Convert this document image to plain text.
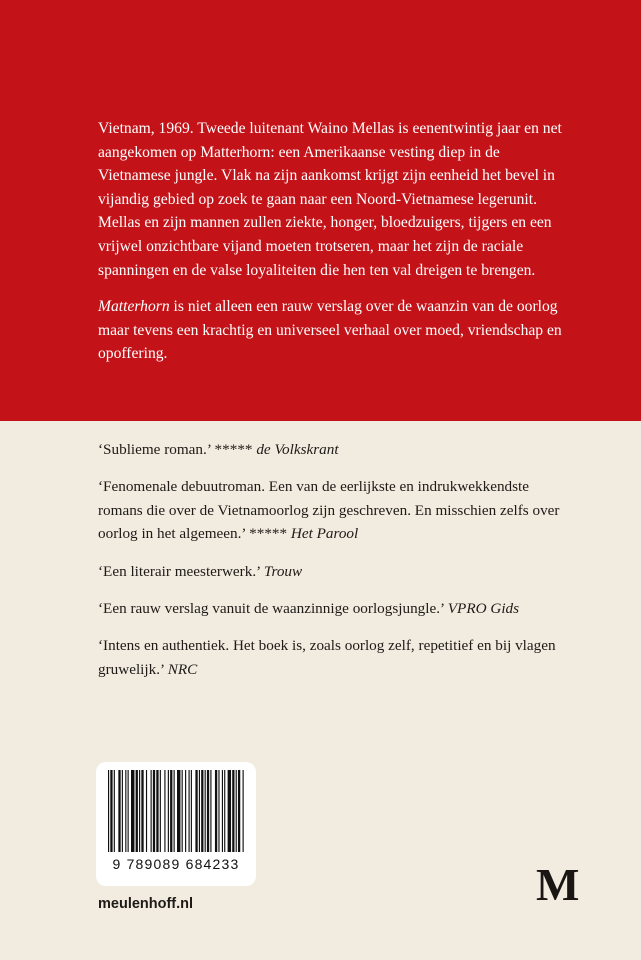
Vietnam, 1969. Tweede luitenant Waino Mellas is eenentwintig jaar en net aangekomen op Matterhorn: een Amerikaanse vesting diep in de Vietnamese jungle. Vlak na zijn aankomst krijgt zijn eenheid het bevel in vijandig gebied op zoek te gaan naar een Noord-Vietnamese legerunit. Mellas en zijn mannen zullen ziekte, honger, bloedzuigers, tijgers en een vrijwel onzichtbare vijand moeten trotseren, maar het zijn de raciale spanningen en de valse loyaliteiten die hen ten val dreigen te brengen.

Matterhorn is niet alleen een rauw verslag over de waanzin van de oorlog maar tevens een krachtig en universeel verhaal over moed, vriendschap en opoffering.

‘Sublieme roman.’ ***** de Volkskrant

‘Fenomenale debuutroman. Een van de eerlijkste en indrukwekkendste romans die over de Vietnamoorlog zijn geschreven. En misschien zelfs over oorlog in het algemeen.’ ***** Het Parool

‘Een literair meesterwerk.’ Trouw

‘Een rauw verslag vanuit de waanzinnige oorlogsjungle.’ VPRO Gids

‘Intens en authentiek. Het boek is, zoals oorlog zelf, repetitief en bij vlagen gruwelijk.’ NRC

9 789089 684233
meulenhoff.nl	M
